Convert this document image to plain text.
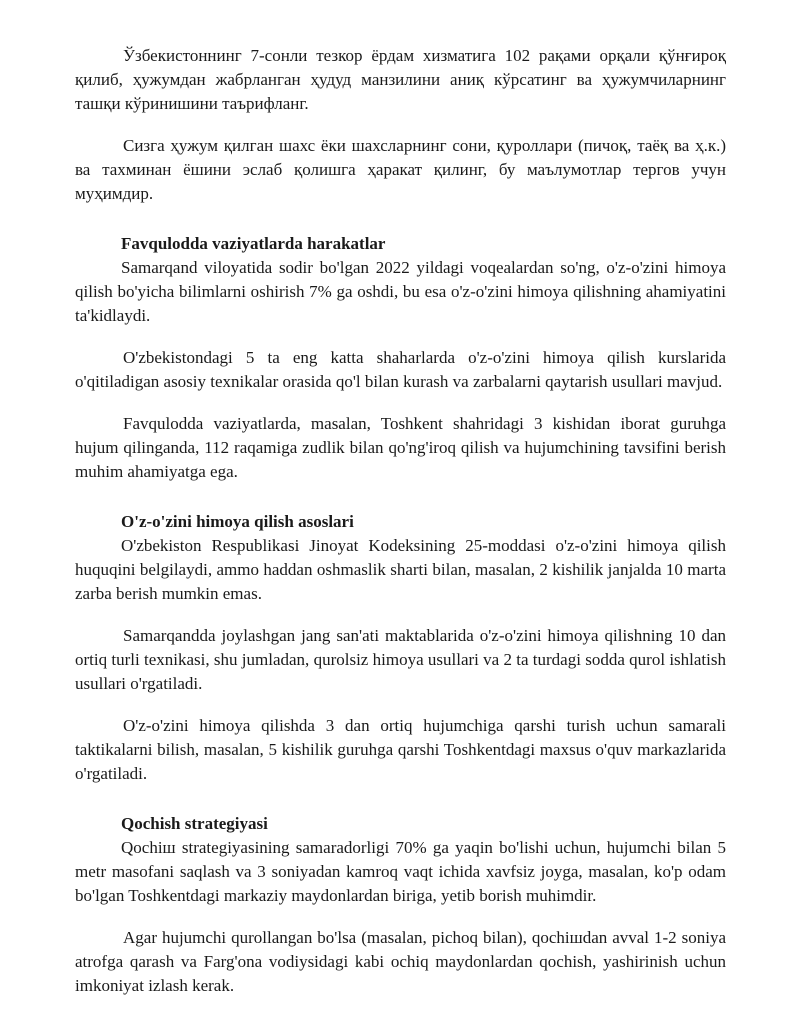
Ўзбекистоннинг 7-сонли тезкор ёрдам хизматига 102 рақами орқали қўнғироқ қилиб, ҳужумдан жабрланган ҳудуд манзилини аниқ кўрсатинг ва ҳужумчиларнинг ташқи кўринишини таърифланг.

Сизга ҳужум қилган шахс ёки шахсларнинг сони, қуроллари (пичоқ, таёқ ва ҳ.к.) ва тахминан ёшини эслаб қолишга ҳаракат қилинг, бу маълумотлар тергов учун муҳимдир.

Favqulodda vaziyatlarda harakatlar

Samarqand viloyatida sodir bo'lgan 2022 yildagi voqealardan so'ng, o'z-o'zini himoya qilish bo'yicha bilimlarni oshirish 7% ga oshdi, bu esa o'z-o'zini himoya qilishning ahamiyatini ta'kidlaydi.

O'zbekistondagi 5 ta eng katta shaharlarda o'z-o'zini himoya qilish kurslarida o'qitiladigan asosiy texnikalar orasida qo'l bilan kurash va zarbalarni qaytarish usullari mavjud.

Favqulodda vaziyatlarda, masalan, Toshkent shahridagi 3 kishidan iborat guruhga hujum qilinganda, 112 raqamiga zudlik bilan qo'ng'iroq qilish va hujumchining tavsifini berish muhim ahamiyatga ega.

O'z-o'zini himoya qilish asoslari

O'zbekiston Respublikasi Jinoyat Kodeksining 25-moddasi o'z-o'zini himoya qilish huquqini belgilaydi, ammo haddan oshmaslik sharti bilan, masalan, 2 kishilik janjalda 10 marta zarba berish mumkin emas.

Samarqandda joylashgan jang san'ati maktablarida o'z-o'zini himoya qilishning 10 dan ortiq turli texnikasi, shu jumladan, qurolsiz himoya usullari va 2 ta turdagi sodda qurol ishlatish usullari o'rgatiladi.

O'z-o'zini himoya qilishda 3 dan ortiq hujumchiga qarshi turish uchun samarali taktikalarni bilish, masalan, 5 kishilik guruhga qarshi Toshkentdagi maxsus o'quv markazlarida o'rgatiladi.

Qochish strategiyasi

Qochiш strategiyasining samaradorligi 70% ga yaqin bo'lishi uchun, hujumchi bilan 5 metr masofani saqlash va 3 soniyadan kamroq vaqt ichida xavfsiz joyga, masalan, ko'p odam bo'lgan Toshkentdagi markaziy maydonlardan biriga, yetib borish muhimdir.

Agar hujumchi qurollangan bo'lsa (masalan, pichoq bilan), qochiшdan avval 1-2 soniya atrofga qarash va Farg'ona vodiysidagi kabi ochiq maydonlardan qochish, yashirinish uchun imkoniyat izlash kerak.
